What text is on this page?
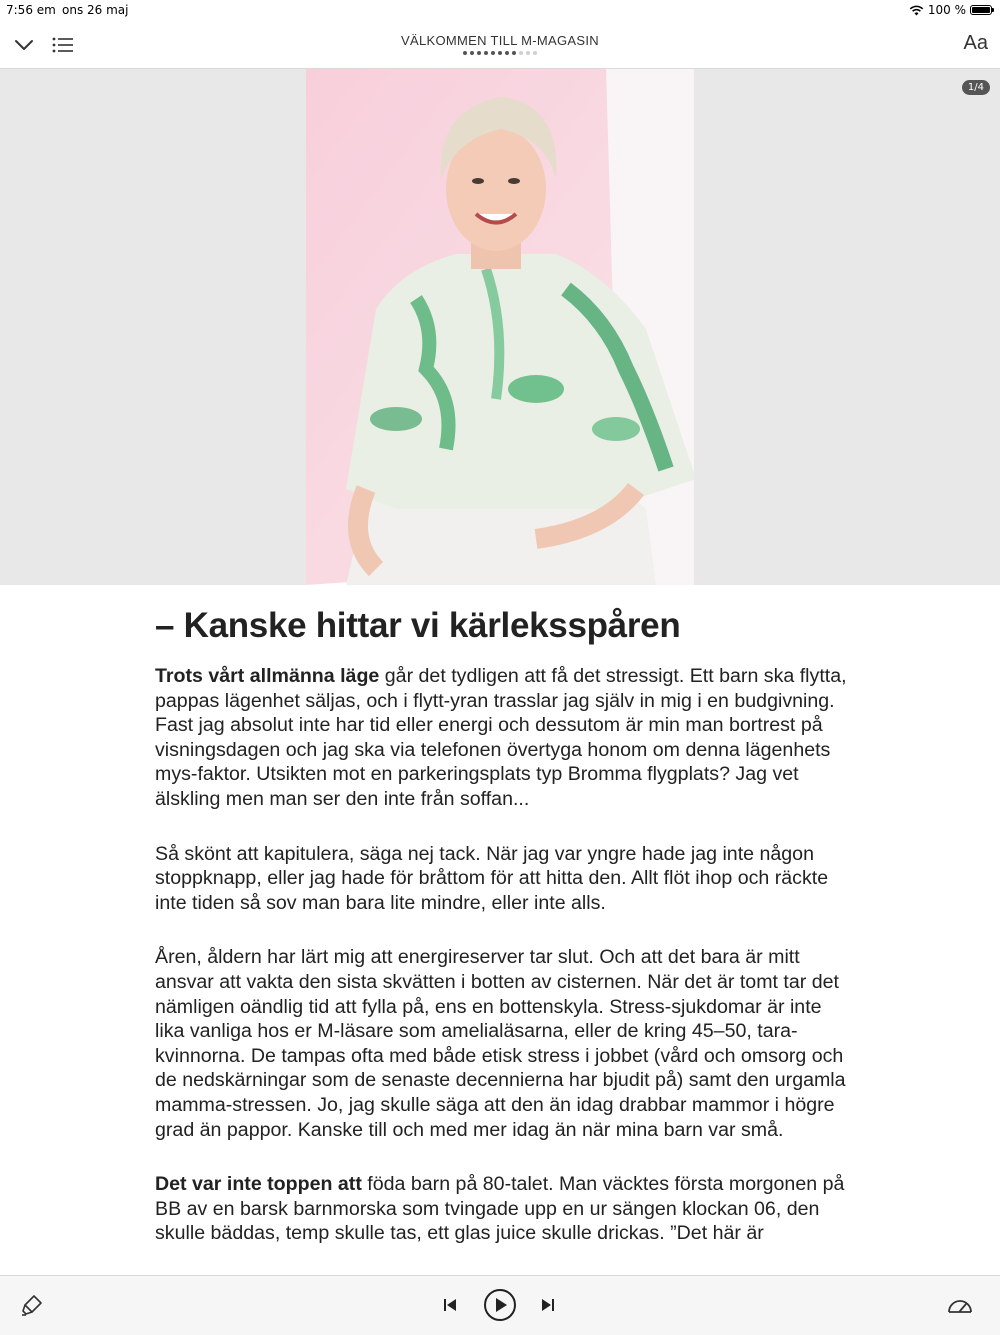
7:56 em ons 26 maj	100 %
VÄLKOMMEN TILL M-MAGASIN	Aa
1/4
– Kanske hittar vi kärleksspåren

Trots vårt allmänna läge går det tydligen att få det stressigt. Ett barn ska flytta, pappas lägenhet säljas, och i flytt-yran trasslar jag själv in mig i en budgivning. Fast jag absolut inte har tid eller energi och dessutom är min man bortrest på visningsdagen och jag ska via telefonen övertyga honom om denna lägenhets mys-faktor. Utsikten mot en parkeringsplats typ Bromma flygplats? Jag vet älskling men man ser den inte från soffan...

Så skönt att kapitulera, säga nej tack. När jag var yngre hade jag inte någon stoppknapp, eller jag hade för bråttom för att hitta den. Allt flöt ihop och räckte inte tiden så sov man bara lite mindre, eller inte alls.

Åren, åldern har lärt mig att energireserver tar slut. Och att det bara är mitt ansvar att vakta den sista skvätten i botten av cisternen. När det är tomt tar det nämligen oändlig tid att fylla på, ens en bottenskyla. Stress-sjukdomar är inte lika vanliga hos er M-läsare som amelialäsarna, eller de kring 45–50, tara-kvinnorna. De tampas ofta med både etisk stress i jobbet (vård och omsorg och de nedskärningar som de senaste decennierna har bjudit på) samt den urgamla mamma-stressen. Jo, jag skulle säga att den än idag drabbar mammor i högre grad än pappor. Kanske till och med mer idag än när mina barn var små.

Det var inte toppen att föda barn på 80-talet. Man väcktes första morgonen på BB av en barsk barnmorska som tvingade upp en ur sängen klockan 06, den skulle bäddas, temp skulle tas, ett glas juice skulle drickas. ”Det här är
